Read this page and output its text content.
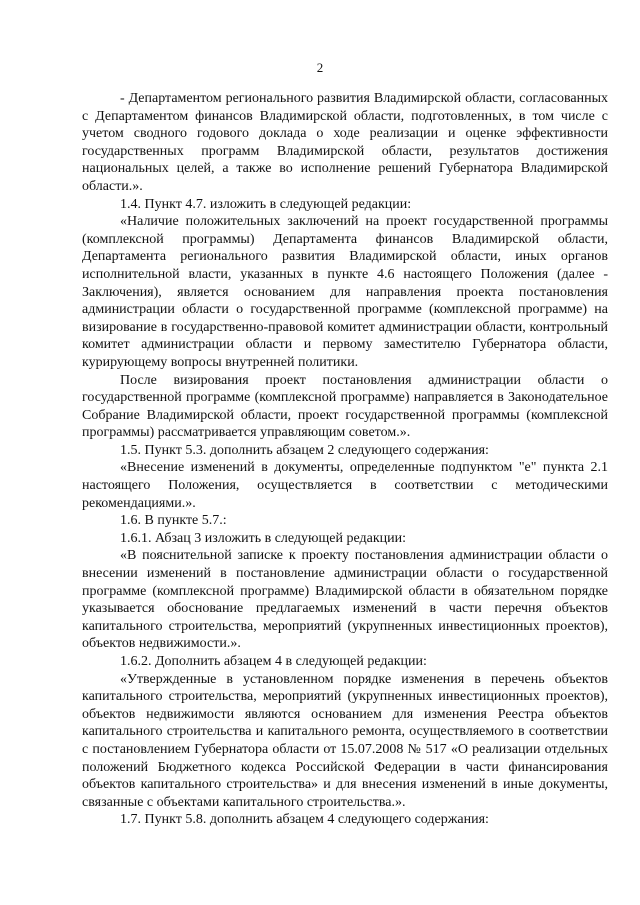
2

- Департаментом регионального развития Владимирской области, согласованных с Департаментом финансов Владимирской области, подготовленных, в том числе с учетом сводного годового доклада о ходе реализации и оценке эффективности государственных программ Владимирской области, результатов достижения национальных целей, а также во исполнение решений Губернатора Владимирской области.».

1.4. Пункт 4.7. изложить в следующей редакции:

«Наличие положительных заключений на проект государственной программы (комплексной программы) Департамента финансов Владимирской области, Департамента регионального развития Владимирской области, иных органов исполнительной власти, указанных в пункте 4.6 настоящего Положения (далее - Заключения), является основанием для направления проекта постановления администрации области о государственной программе (комплексной программе) на визирование в государственно-правовой комитет администрации области, контрольный комитет администрации области и первому заместителю Губернатора области, курирующему вопросы внутренней политики.

После визирования проект постановления администрации области о государственной программе (комплексной программе) направляется в Законодательное Собрание Владимирской области, проект государственной программы (комплексной программы) рассматривается управляющим советом.».

1.5. Пункт 5.3. дополнить абзацем 2 следующего содержания:

«Внесение изменений в документы, определенные подпунктом "е" пункта 2.1 настоящего Положения, осуществляется в соответствии с методическими рекомендациями.».

1.6. В пункте 5.7.:

1.6.1. Абзац 3 изложить в следующей редакции:

«В пояснительной записке к проекту постановления администрации области о внесении изменений в постановление администрации области о государственной программе (комплексной программе) Владимирской области в обязательном порядке указывается обоснование предлагаемых изменений в части перечня объектов капитального строительства, мероприятий (укрупненных инвестиционных проектов), объектов недвижимости.».

1.6.2. Дополнить абзацем 4 в следующей редакции:

«Утвержденные в установленном порядке изменения в перечень объектов капитального строительства, мероприятий (укрупненных инвестиционных проектов), объектов недвижимости являются основанием для изменения Реестра объектов капитального строительства и капитального ремонта, осуществляемого в соответствии с постановлением Губернатора области от 15.07.2008 № 517 «О реализации отдельных положений Бюджетного кодекса Российской Федерации в части финансирования объектов капитального строительства» и для внесения изменений в иные документы, связанные с объектами капитального строительства.».

1.7. Пункт 5.8. дополнить абзацем 4 следующего содержания:
